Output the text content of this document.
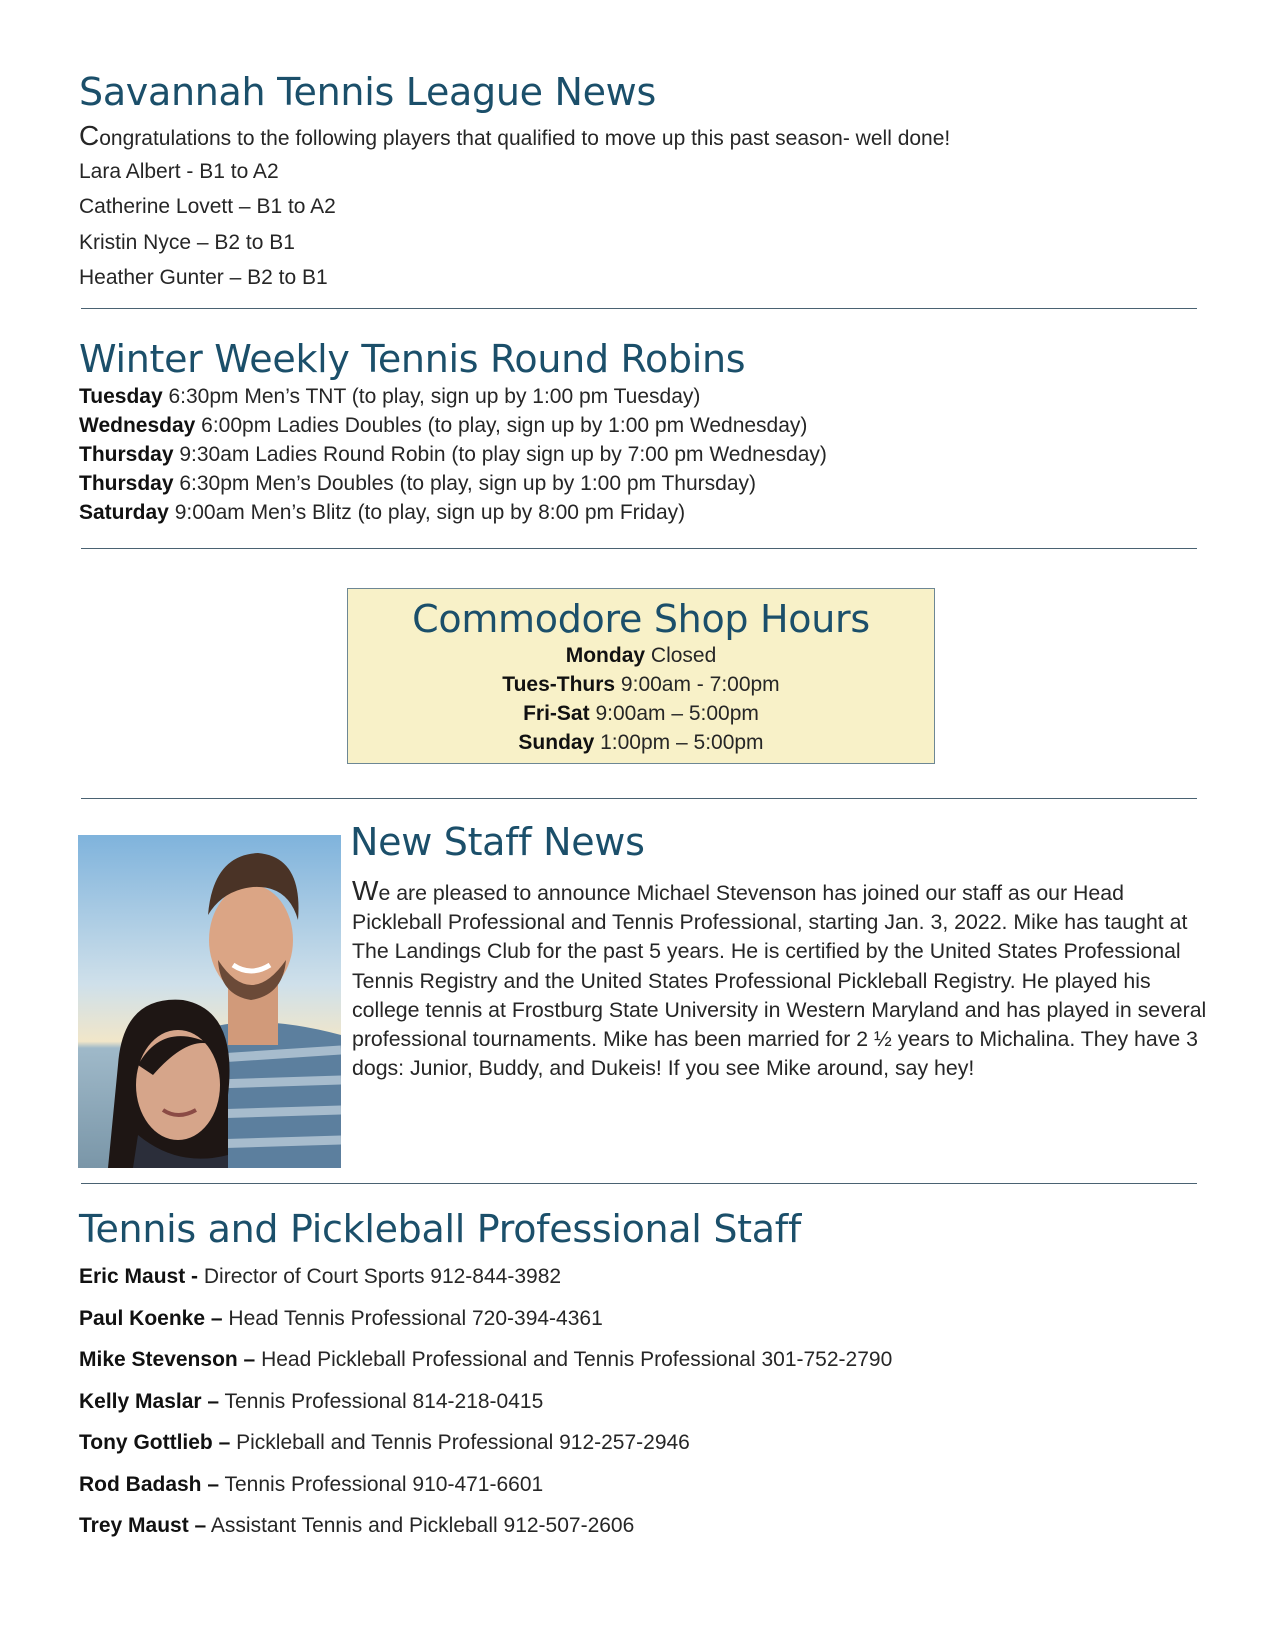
Savannah Tennis League News
Congratulations to the following players that qualified to move up this past season- well done!
Lara Albert - B1 to A2
Catherine Lovett – B1 to A2
Kristin Nyce – B2 to B1
Heather Gunter – B2 to B1
Winter Weekly Tennis Round Robins
Tuesday 6:30pm Men’s TNT (to play, sign up by 1:00 pm Tuesday)
Wednesday 6:00pm Ladies Doubles (to play, sign up by 1:00 pm Wednesday)
Thursday 9:30am Ladies Round Robin (to play sign up by 7:00 pm Wednesday)
Thursday 6:30pm Men’s Doubles (to play, sign up by 1:00 pm Thursday)
Saturday 9:00am Men’s Blitz (to play, sign up by 8:00 pm Friday)
Commodore Shop Hours
Monday Closed
Tues-Thurs 9:00am - 7:00pm
Fri-Sat 9:00am – 5:00pm
Sunday 1:00pm – 5:00pm
New Staff News
We are pleased to announce Michael Stevenson has joined our staff as our Head Pickleball Professional and Tennis Professional, starting Jan. 3, 2022. Mike has taught at The Landings Club for the past 5 years. He is certified by the United States Professional Tennis Registry and the United States Professional Pickleball Registry. He played his college tennis at Frostburg State University in Western Maryland and has played in several professional tournaments. Mike has been married for 2 ½ years to Michalina. They have 3 dogs: Junior, Buddy, and Dukeis! If you see Mike around, say hey!
Tennis and Pickleball Professional Staff
Eric Maust - Director of Court Sports 912-844-3982
Paul Koenke – Head Tennis Professional 720-394-4361
Mike Stevenson – Head Pickleball Professional and Tennis Professional 301-752-2790
Kelly Maslar – Tennis Professional 814-218-0415
Tony Gottlieb – Pickleball and Tennis Professional 912-257-2946
Rod Badash – Tennis Professional 910-471-6601
Trey Maust – Assistant Tennis and Pickleball 912-507-2606
